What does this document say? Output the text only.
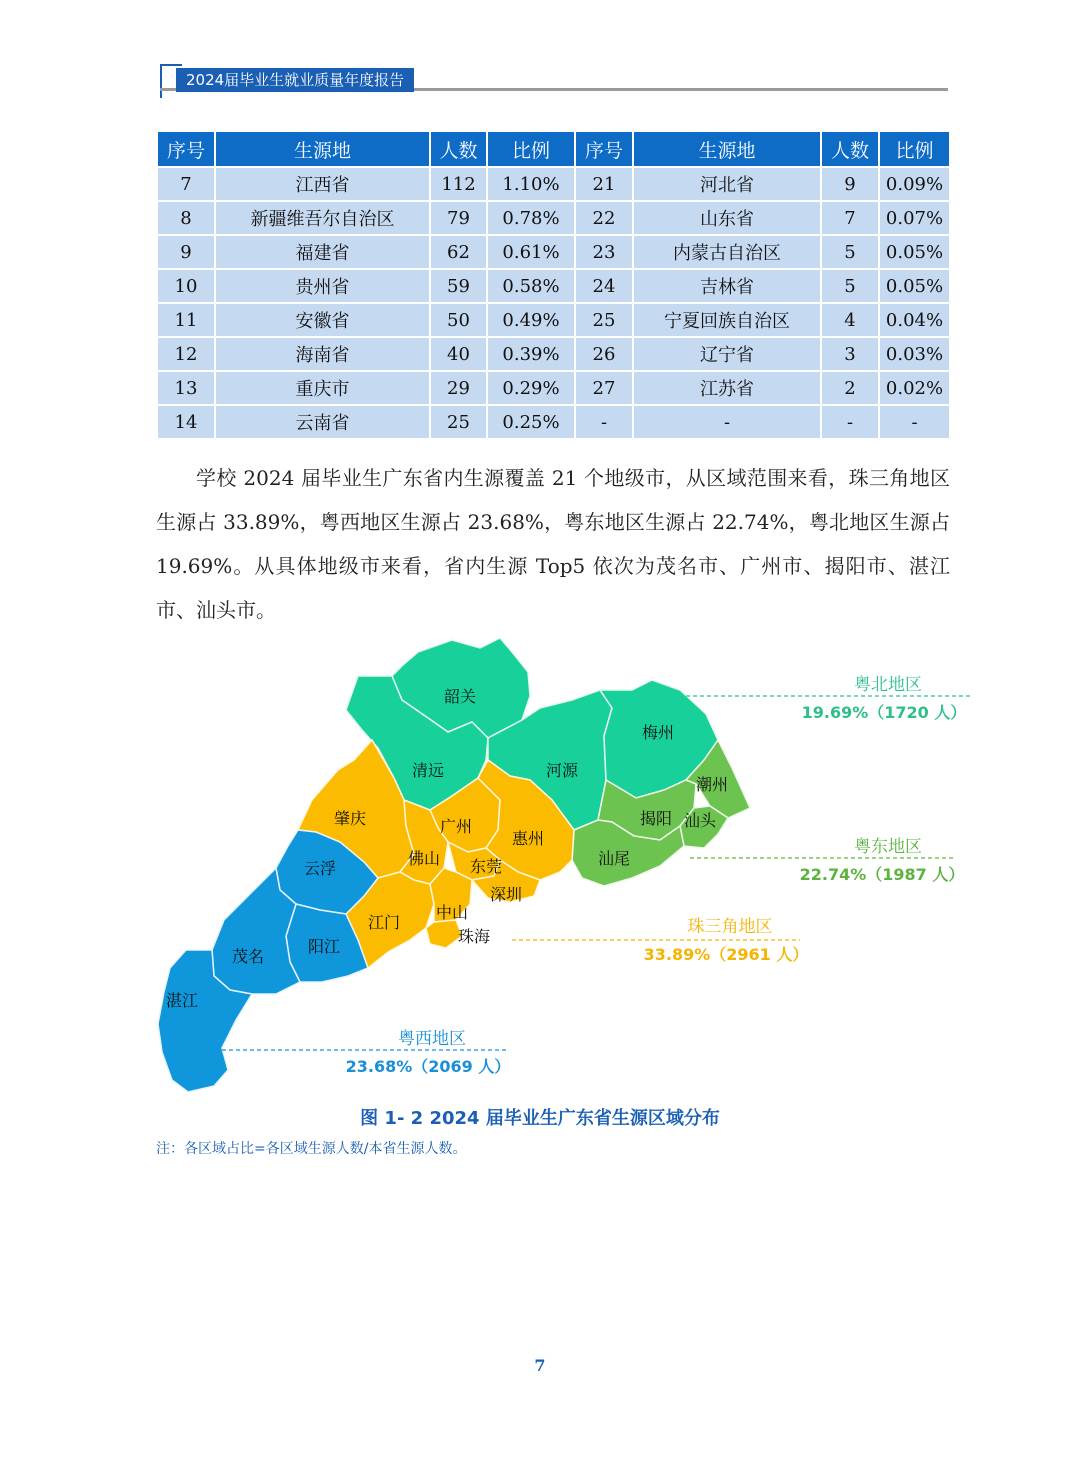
2024届毕业生就业质量年度报告
序号	生源地	人数	比例	序号	生源地	人数	比例
7	江西省	112	1.10%	21	河北省	9	0.09%
8	新疆维吾尔自治区	79	0.78%	22	山东省	7	0.07%
9	福建省	62	0.61%	23	内蒙古自治区	5	0.05%
10	贵州省	59	0.58%	24	吉林省	5	0.05%
11	安徽省	50	0.49%	25	宁夏回族自治区	4	0.04%
12	海南省	40	0.39%	26	辽宁省	3	0.03%
13	重庆市	29	0.29%	27	江苏省	2	0.02%
14	云南省	25	0.25%	-	-	-	-
学校 2024 届毕业生广东省内生源覆盖 21 个地级市，从区域范围来看，珠三角地区生源占 33.89%，粤西地区生源占 23.68%，粤东地区生源占 22.74%，粤北地区生源占 19.69%。从具体地级市来看，省内生源 Top5 依次为茂名市、广州市、揭阳市、湛江市、汕头市。
韶关
清远	河源
梅州
肇庆	广州
惠州
佛山 东莞
深圳
江门
中山
珠海
潮州
揭阳 汕头
汕尾
云浮
茂名
阳江
湛江
粤北地区
19.69%（1720 人）
粤东地区
22.74%（1987 人）
珠三角地区
33.89%（2961 人）
粤西地区
23.68%（2069 人）
图 1- 2 2024 届毕业生广东省生源区域分布
注：各区域占比=各区域生源人数/本省生源人数。
7
